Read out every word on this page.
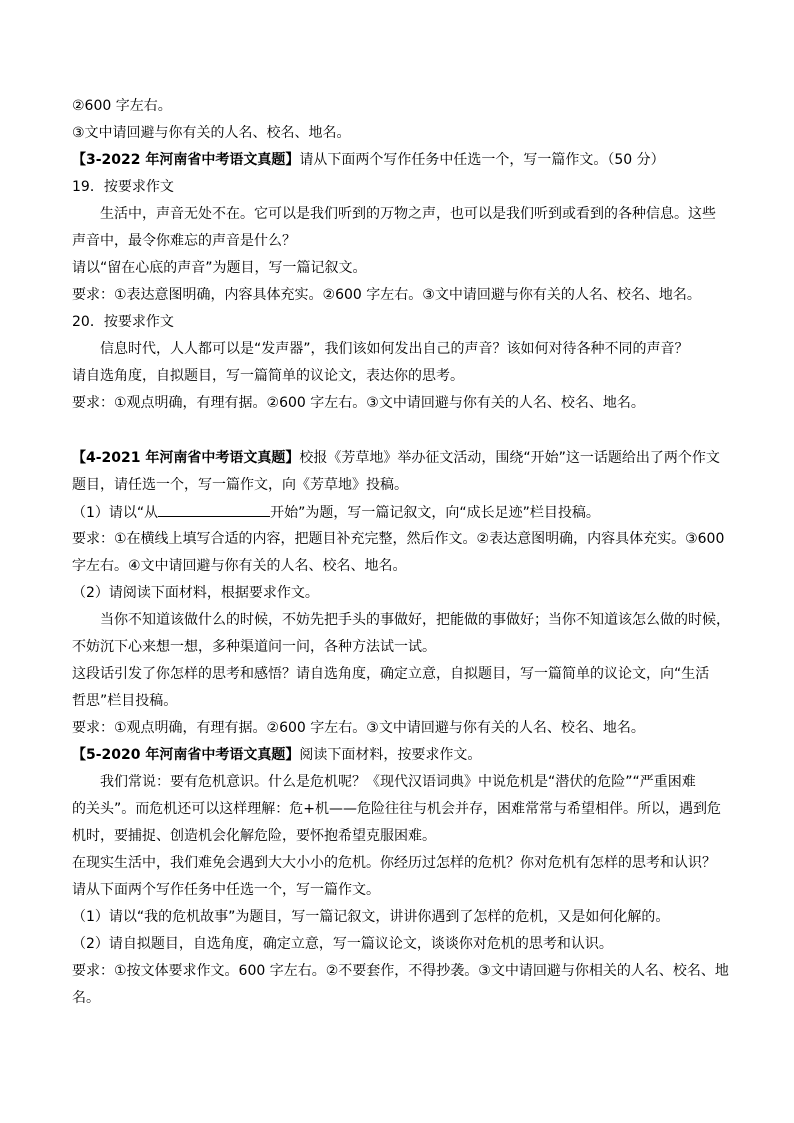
②600 字左右。
③文中请回避与你有关的人名、校名、地名。
【3-2022 年河南省中考语文真题】请从下面两个写作任务中任选一个，写一篇作文。（50 分）
19．按要求作文
生活中，声音无处不在。它可以是我们听到的万物之声，也可以是我们听到或看到的各种信息。这些
声音中，最令你难忘的声音是什么？
请以“留在心底的声音”为题目，写一篇记叙文。
要求：①表达意图明确，内容具体充实。②600 字左右。③文中请回避与你有关的人名、校名、地名。
20．按要求作文
信息时代，人人都可以是“发声器”，我们该如何发出自己的声音？该如何对待各种不同的声音？
请自选角度，自拟题目，写一篇简单的议论文，表达你的思考。
要求：①观点明确，有理有据。②600 字左右。③文中请回避与你有关的人名、校名、地名。
【4-2021 年河南省中考语文真题】校报《芳草地》举办征文活动，围绕“开始”这一话题给出了两个作文
题目，请任选一个，写一篇作文，向《芳草地》投稿。
（1）请以“从	开始”为题，写一篇记叙文，向“成长足迹”栏目投稿。
要求：①在横线上填写合适的内容，把题目补充完整，然后作文。②表达意图明确，内容具体充实。③600
字左右。④文中请回避与你有关的人名、校名、地名。
（2）请阅读下面材料，根据要求作文。
当你不知道该做什么的时候，不妨先把手头的事做好，把能做的事做好；当你不知道该怎么做的时候，
不妨沉下心来想一想，多种渠道问一问，各种方法试一试。
这段话引发了你怎样的思考和感悟？请自选角度，确定立意，自拟题目，写一篇简单的议论文，向“生活
哲思”栏目投稿。
要求：①观点明确，有理有据。②600 字左右。③文中请回避与你有关的人名、校名、地名。
【5-2020 年河南省中考语文真题】阅读下面材料，按要求作文。
我们常说：要有危机意识。什么是危机呢？《现代汉语词典》中说危机是“潜伏的危险”“严重困难
的关头”。而危机还可以这样理解：危+机——危险往往与机会并存，困难常常与希望相伴。所以，遇到危
机时，要捕捉、创造机会化解危险，要怀抱希望克服困难。
在现实生活中，我们难免会遇到大大小小的危机。你经历过怎样的危机？你对危机有怎样的思考和认识？
请从下面两个写作任务中任选一个，写一篇作文。
（1）请以“我的危机故事”为题目，写一篇记叙文，讲讲你遇到了怎样的危机，又是如何化解的。
（2）请自拟题目，自选角度，确定立意，写一篇议论文，谈谈你对危机的思考和认识。
要求：①按文体要求作文。600 字左右。②不要套作，不得抄袭。③文中请回避与你相关的人名、校名、地
名。
